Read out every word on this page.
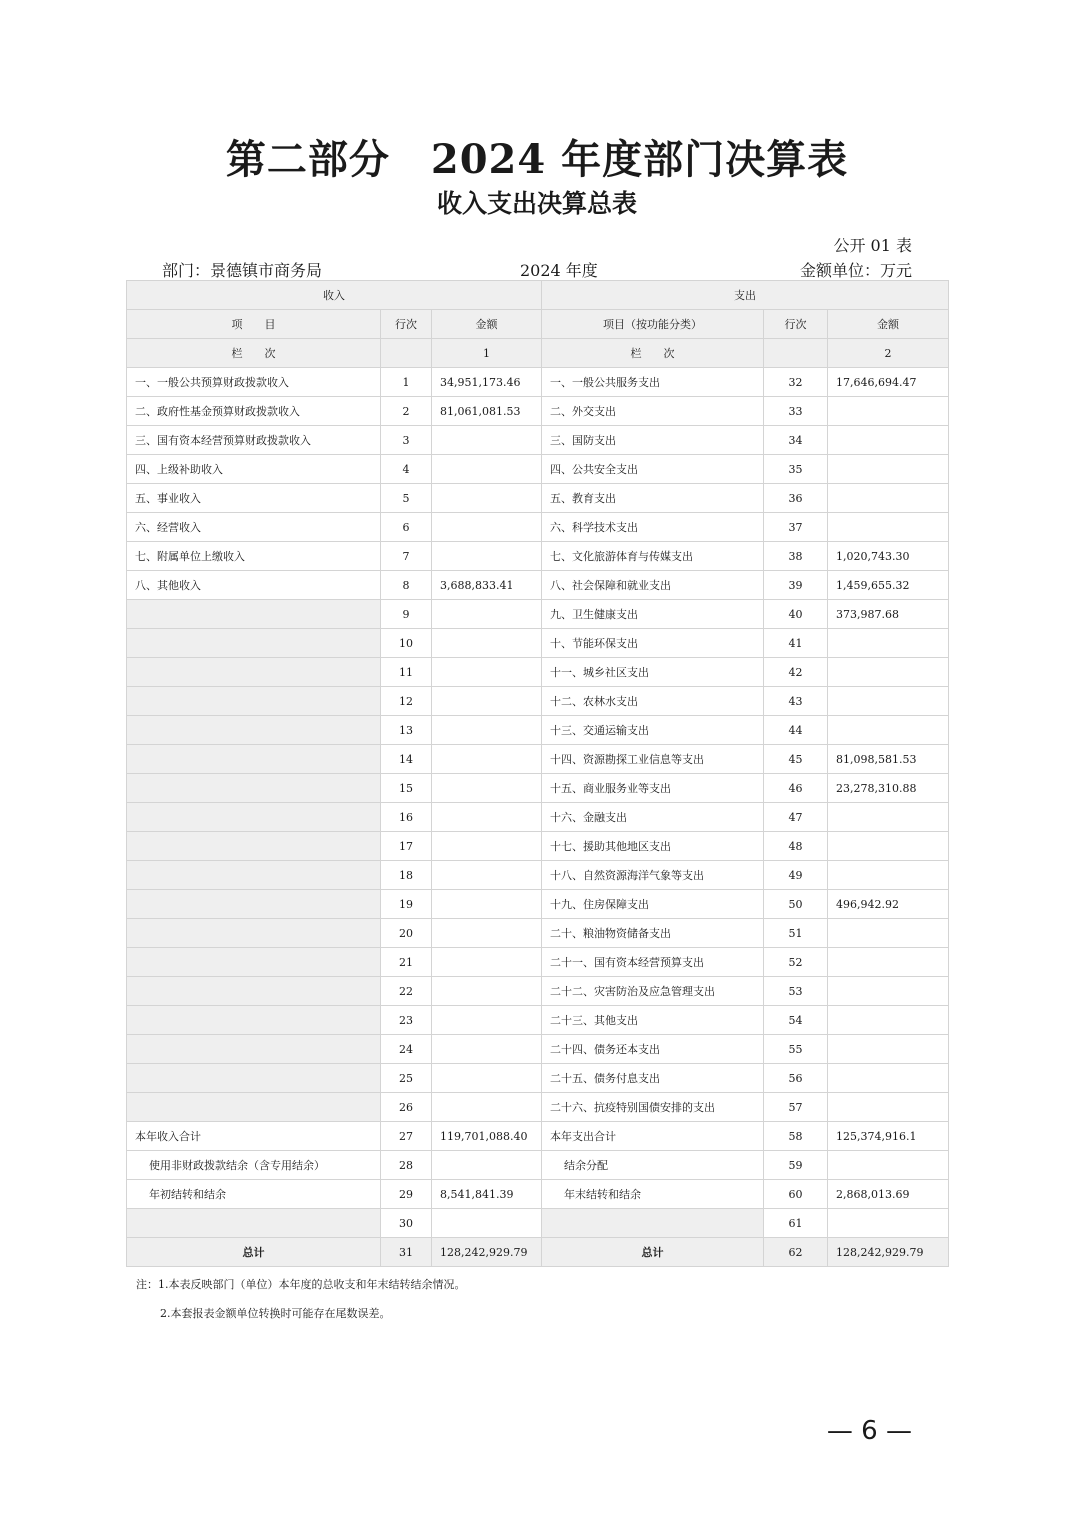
第二部分　2024 年度部门决算表
收入支出决算总表
公开 01 表
部门：景德镇市商务局	2024 年度	金额单位：万元
收入			支出		
项　　目	行次	金额	项目（按功能分类）	行次	金额
栏　　次		1	栏　　次		2
一、一般公共预算财政拨款收入	1	34,951,173.46	一、一般公共服务支出	32	17,646,694.47
二、政府性基金预算财政拨款收入	2	81,061,081.53	二、外交支出	33	
三、国有资本经营预算财政拨款收入	3		三、国防支出	34	
四、上级补助收入	4		四、公共安全支出	35	
五、事业收入	5		五、教育支出	36	
六、经营收入	6		六、科学技术支出	37	
七、附属单位上缴收入	7		七、文化旅游体育与传媒支出	38	1,020,743.30
八、其他收入	8	3,688,833.41	八、社会保障和就业支出	39	1,459,655.32
	9		九、卫生健康支出	40	373,987.68
	10		十、节能环保支出	41	
	11		十一、城乡社区支出	42	
	12		十二、农林水支出	43	
	13		十三、交通运输支出	44	
	14		十四、资源勘探工业信息等支出	45	81,098,581.53
	15		十五、商业服务业等支出	46	23,278,310.88
	16		十六、金融支出	47	
	17		十七、援助其他地区支出	48	
	18		十八、自然资源海洋气象等支出	49	
	19		十九、住房保障支出	50	496,942.92
	20		二十、粮油物资储备支出	51	
	21		二十一、国有资本经营预算支出	52	
	22		二十二、灾害防治及应急管理支出	53	
	23		二十三、其他支出	54	
	24		二十四、债务还本支出	55	
	25		二十五、债务付息支出	56	
	26		二十六、抗疫特别国债安排的支出	57	
本年收入合计	27	119,701,088.40	本年支出合计	58	125,374,916.1
使用非财政拨款结余（含专用结余）	28		结余分配	59	
年初结转和结余	29	8,541,841.39	年末结转和结余	60	2,868,013.69
	30			61	
总计	31	128,242,929.79	总计	62	128,242,929.79
注：1.本表反映部门（单位）本年度的总收支和年末结转结余情况。
2.本套报表金额单位转换时可能存在尾数误差。
— 6 —
